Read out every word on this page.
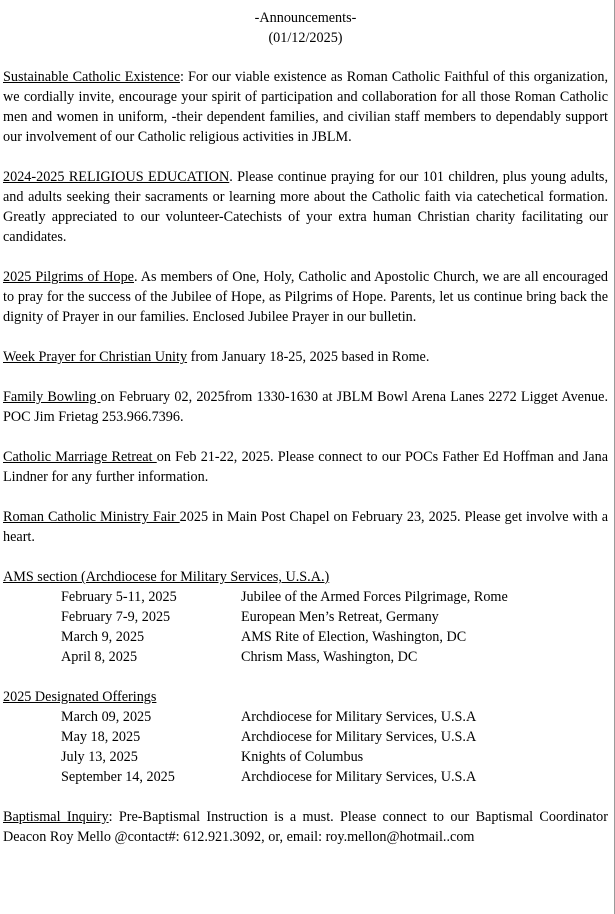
-Announcements-
(01/12/2025)

Sustainable Catholic Existence: For our viable existence as Roman Catholic Faithful of this organization, we cordially invite, encourage your spirit of participation and collaboration for all those Roman Catholic men and women in uniform, -their dependent families, and civilian staff members to dependably support our involvement of our Catholic religious activities in JBLM.

2024-2025 RELIGIOUS EDUCATION. Please continue praying for our 101 children, plus young adults, and adults seeking their sacraments or learning more about the Catholic faith via catechetical formation. Greatly appreciated to our volunteer-Catechists of your extra human Christian charity facilitating our candidates.

2025 Pilgrims of Hope. As members of One, Holy, Catholic and Apostolic Church, we are all encouraged to pray for the success of the Jubilee of Hope, as Pilgrims of Hope. Parents, let us continue bring back the dignity of Prayer in our families. Enclosed Jubilee Prayer in our bulletin.

Week Prayer for Christian Unity from January 18-25, 2025 based in Rome.

Family Bowling on February 02, 2025from 1330-1630 at JBLM Bowl Arena Lanes 2272 Ligget Avenue. POC Jim Frietag 253.966.7396.

Catholic Marriage Retreat on Feb 21-22, 2025. Please connect to our POCs Father Ed Hoffman and Jana Lindner for any further information.

Roman Catholic Ministry Fair 2025 in Main Post Chapel on February 23, 2025. Please get involve with a heart.

AMS section (Archdiocese for Military Services, U.S.A.)

February 5-11, 2025	Jubilee of the Armed Forces Pilgrimage, Rome
February 7-9, 2025	European Men’s Retreat, Germany
March 9, 2025	AMS Rite of Election, Washington, DC
April 8, 2025	Chrism Mass, Washington, DC

2025 Designated Offerings

March 09, 2025	Archdiocese for Military Services, U.S.A
May 18, 2025	Archdiocese for Military Services, U.S.A
July 13, 2025	Knights of Columbus
September 14, 2025	Archdiocese for Military Services, U.S.A

Baptismal Inquiry: Pre-Baptismal Instruction is a must. Please connect to our Baptismal Coordinator Deacon Roy Mello @contact#: 612.921.3092, or, email: roy.mellon@hotmail..com
